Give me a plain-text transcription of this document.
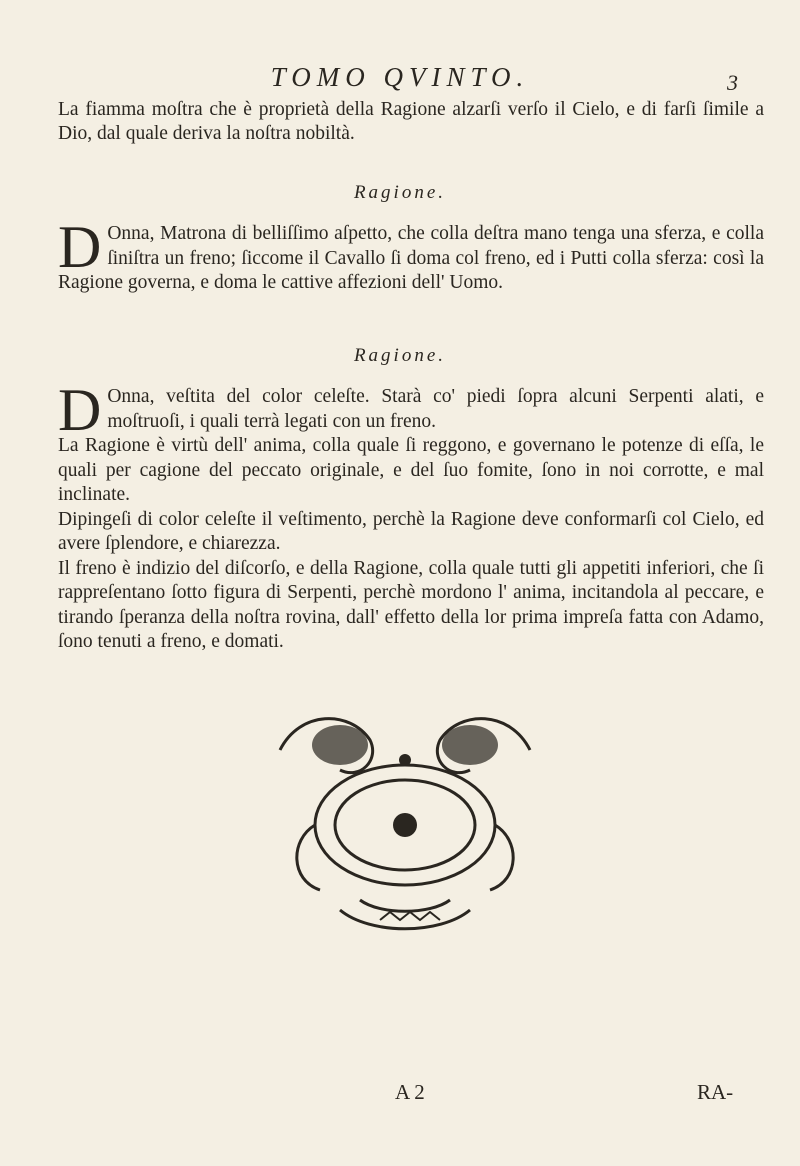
TOMO QVINTO.	3
La fiamma moſtra che è proprietà della Ragione alzarſi verſo il Cielo, e di farſi ſimile a Dio, dal quale deriva la noſtra nobiltà.
Ragione.
D Onna, Matrona di belliſſimo aſpetto, che colla deſtra mano tenga una sferza, e colla ſiniſtra un freno; ſiccome il Cavallo ſi doma col freno, ed i Putti colla sferza: così la Ragione governa, e doma le cattive affezioni dell' Uomo.
Ragione.

D Onna, veſtita del color celeſte. Starà co' piedi ſopra alcuni Serpenti alati, e moſtruoſi, i quali terrà legati con un freno.

La Ragione è virtù dell' anima, colla quale ſi reggono, e governano le potenze di eſſa, le quali per cagione del peccato originale, e del ſuo fomite, ſono in noi corrotte, e mal inclinate.

Dipingeſi di color celeſte il veſtimento, perchè la Ragione deve conformarſi col Cielo, ed avere ſplendore, e chiarezza.

Il freno è indizio del diſcorſo, e della Ragione, colla quale tutti gli appetiti inferiori, che ſi rappreſentano ſotto figura di Serpenti, perchè mordono l' anima, incitandola al peccare, e tirando ſperanza della noſtra rovina, dall' effetto della lor prima impreſa fatta con Adamo, ſono tenuti a freno, e domati.

A 2	RA-
